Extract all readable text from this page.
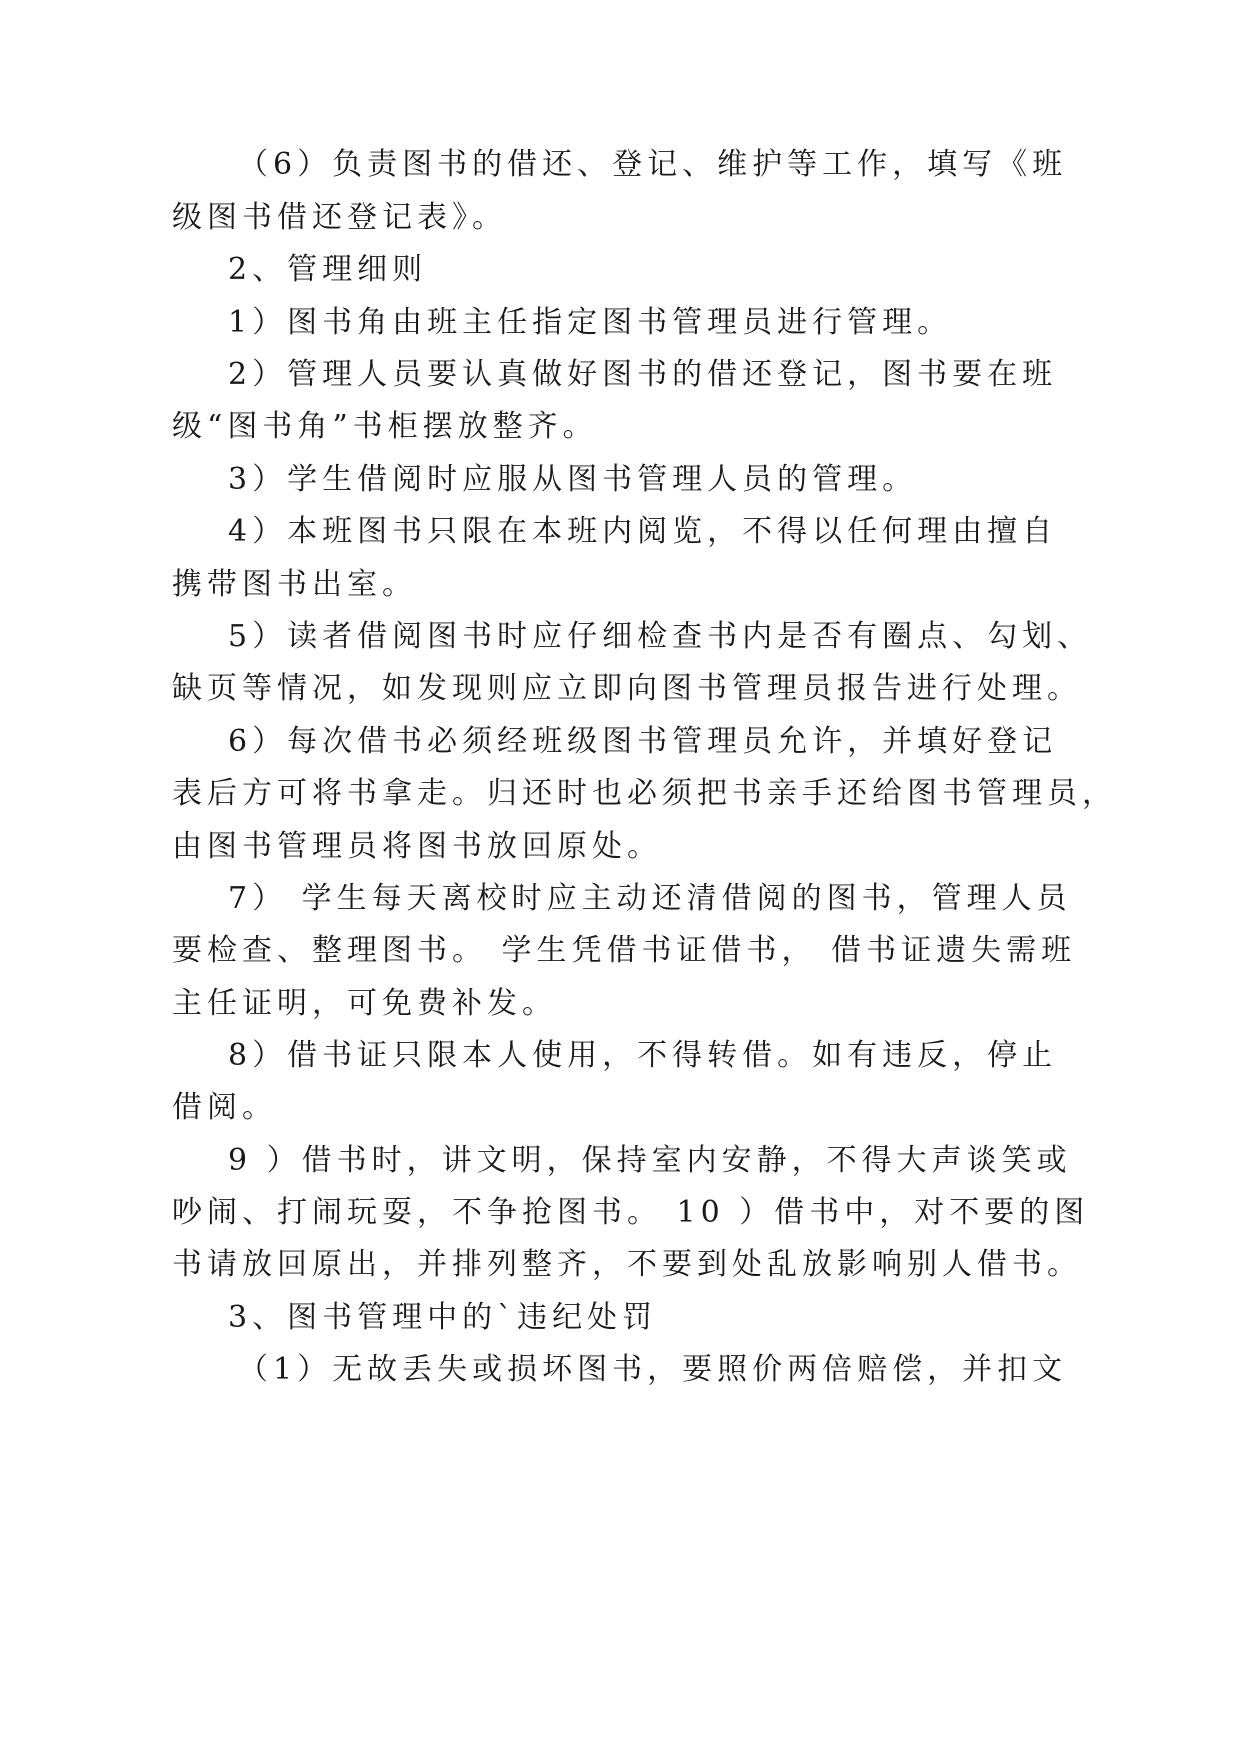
（6）负责图书的借还、登记、维护等工作，填写《班
级图书借还登记表》。
2、管理细则
1）图书角由班主任指定图书管理员进行管理。
2）管理人员要认真做好图书的借还登记，图书要在班
级“图书角”书柜摆放整齐。
3）学生借阅时应服从图书管理人员的管理。
4）本班图书只限在本班内阅览，不得以任何理由擅自
携带图书出室。
5）读者借阅图书时应仔细检查书内是否有圈点、勾划、
缺页等情况，如发现则应立即向图书管理员报告进行处理。
6）每次借书必须经班级图书管理员允许，并填好登记
表后方可将书拿走。归还时也必须把书亲手还给图书管理员，
由图书管理员将图书放回原处。
7） 学生每天离校时应主动还清借阅的图书，管理人员
要检查、整理图书。 学生凭借书证借书， 借书证遗失需班
主任证明，可免费补发。
8）借书证只限本人使用，不得转借。如有违反，停止
借阅。
9 ）借书时，讲文明，保持室内安静，不得大声谈笑或
吵闹、打闹玩耍，不争抢图书。 10 ）借书中，对不要的图
书请放回原出，并排列整齐，不要到处乱放影响别人借书。
3、图书管理中的`违纪处罚
（1）无故丢失或损坏图书，要照价两倍赔偿，并扣文
